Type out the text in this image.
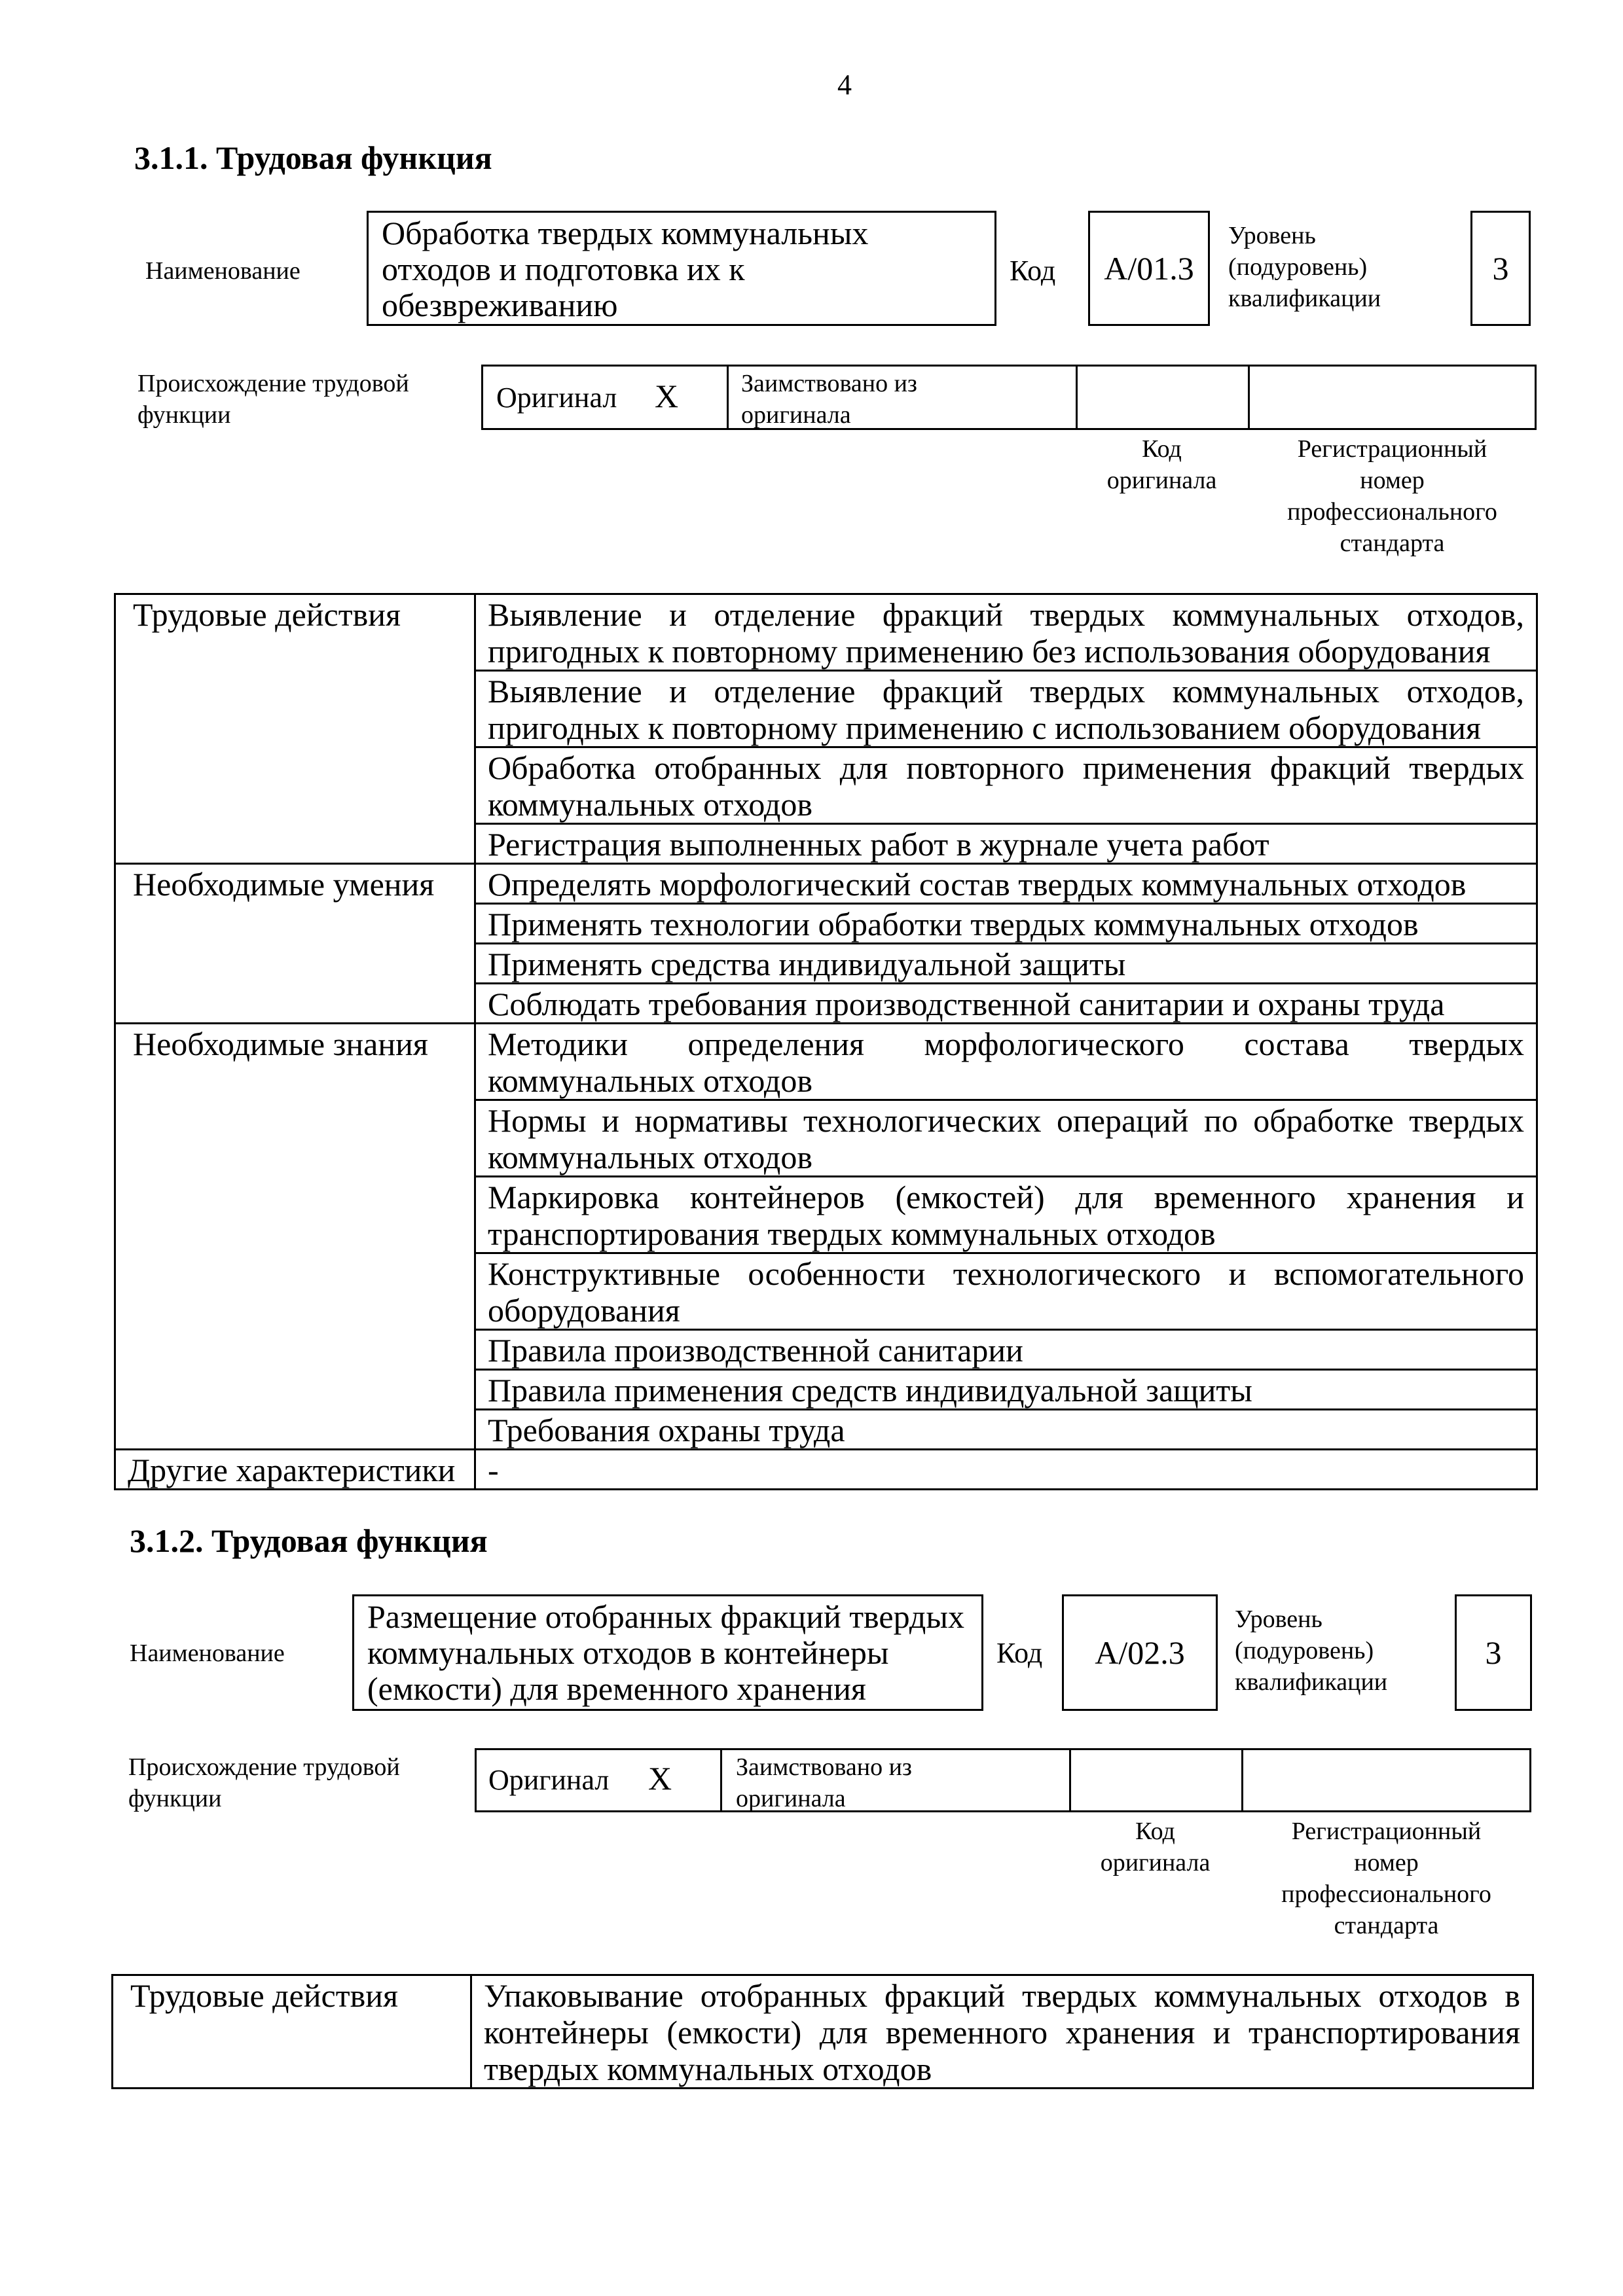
4
3.1.1. Трудовая функция
Наименование
Обработка твердых коммунальных
отходов и подготовка их к
обезвреживанию
Код	A/01.3
Уровень
(подуровень)
квалификации
3
Происхождение трудовой
функции
Оригинал X	Заимствовано из
оригинала
Код
оригинала
Регистрационный
номер
профессионального
стандарта
Трудовые действия	Выявление и отделение фракций твердых коммунальных отходов, пригодных к повторному применению без использования оборудования
	Выявление и отделение фракций твердых коммунальных отходов, пригодных к повторному применению с использованием оборудования
	Обработка отобранных для повторного применения фракций твердых коммунальных отходов
	Регистрация выполненных работ в журнале учета работ
Необходимые умения	Определять морфологический состав твердых коммунальных отходов
	Применять технологии обработки твердых коммунальных отходов
	Применять средства индивидуальной защиты
	Соблюдать требования производственной санитарии и охраны труда
Необходимые знания	Методики определения морфологического состава твердых коммунальных отходов
	Нормы и нормативы технологических операций по обработке твердых коммунальных отходов
	Маркировка контейнеров (емкостей) для временного хранения и транспортирования твердых коммунальных отходов
	Конструктивные особенности технологического и вспомогательного оборудования
	Правила производственной санитарии
	Правила применения средств индивидуальной защиты
	Требования охраны труда
Другие характеристики	-
3.1.2. Трудовая функция
Наименование
Размещение отобранных фракций твердых
коммунальных отходов в контейнеры
(емкости) для временного хранения
Код	A/02.3
Уровень
(подуровень)
квалификации
3
Происхождение трудовой
функции
Оригинал X	Заимствовано из
оригинала
Код
оригинала
Регистрационный
номер
профессионального
стандарта
Трудовые действия	Упаковывание отобранных фракций твердых коммунальных отходов в контейнеры (емкости) для временного хранения и транспортирования твердых коммунальных отходов
